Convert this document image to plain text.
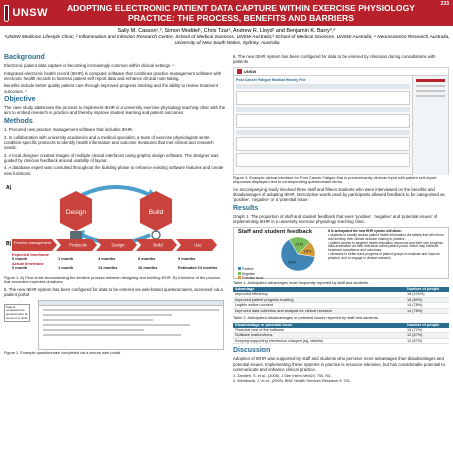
UNSW	ADOPTING ELECTRONIC PATIENT DATA CAPTURE WITHIN EXERCISE PHYSIOLOGY PRACTICE: THE PROCESS, BENEFITS AND BARRIERS
233
Sally M. Casson¹,³, Simon Moddel¹, Chris Tzar¹, Andrew R. Lloyd¹ and Benjamin K. Barry³,⁴
¹UNSW Medicine Lifestyle Clinic; ² Inflammation and Infection Research Centre, School of Medical Sciences, UNSW Australia;³ School of Medical Sciences, UNSW Australia; ⁴ Neuroscience Research Australia, University of New South Wales, Sydney, Australia
Background

Electronic patient data capture is becoming increasingly common within clinical settings. ¹

Integrated electronic health record (IEHR) is computer software that combines practice management software with electronic health records to harness patient self report data and enhance clinical note taking.

Benefits include better quality patient care through improved progress tracking and the ability to review treatment outcomes. ²

Objective

The case study addresses the process to implement IEHR in a university exercise physiology teaching clinic with the aim to embed research in practice and thereby improve student learning and patient outcomes.

Methods

1. Procured new practice management software that includes IEHR.

2. In collaboration with university academics and a medical specialist, a team of exercise physiologists wrote condition-specific protocols to identify health information and outcome measures that met clinical and research needs.

3. A local designer created images of multiple clinical interfaces using graphic design software. The designer was guided by clinician feedback around usability of layout.

4. A database expert was consulted throughout the building phase to enhance existing software features and create new functions.

A)
Design	Build
B) Practice management	Protocols	Design	Build	Use
Expected timeframe
0 month	1 month	4 months	6 months	9 months
Actual timeframe
0 month	1 month	13 months	16 months	Estimated 24 months
Figure 1. A) Flow chart demonstrating the iterative process between designing and building IEHR. B) A timeline of the process that exceeded expected durations.

5. The new IEHR system has been configured for data to be entered via web-based questionnaires, accessed via a patient portal

Patient completes the questionnaire at home or in clinic
Figure 2. Example questionnaire completed via a secure web portal.

6. The new IEHR system has been configured for data to be entered by clinicians during consultations with patients

UNSW
Post Cancer Fatigue Medical History File
Figure 3. Example clinical interface for Post Cancer Fatigue that is predominantly clinician input with patient self-report responses displayed next to corresponding questionnaire items.

An accompanying study involved three staff and fifteen students who were interviewed on the benefits and disadvantages of adopting IEHR. Descriptive words used by participants allowed feedback to be categorised as 'positive', 'negative' or a 'potential issue'.

Results

Graph 1. The proportion of staff and student feedback that were 'positive', 'negative' and 'potential issues' of implementing IEHR in a university exercise physiology teaching clinic.

Staff and student feedback
64%
21%
15%
Positive
Negative
Potential issue
It is anticipated the new EHR system will allow:
• students to readily access patient health information via tablets that will inform and develop their clinical decision making in practice.
• patient access to targeted health education resources and their own progress data accessible via their individual online patient portal, which may enhance treatment compliance and outcomes.
• clinicians to better track progress of patient groups to evaluate and improve practice, and to engage in clinical research.
Table 1. Anticipated advantages most frequently reported by staff and students.
Advantage	Number of people
Improved efficiency	18 (100%)
Improved patient progress tracking	16 (89%)
Legible written content	14 (78%)
Improved data collection and analysis for clinical research	14 (78%)
Table 2. Anticipated disadvantages or potential issues reported by staff and students.
Disadvantage or potential issue	Number of people
Financial cost of the software	13 (72%)
Software malfunctions	12 (67%)
Keeping supporting electronics charged (eg. tablets)	12 (67%)
Discussion

Adoption of IEHR was supported by staff and students who perceive more advantages than disadvantages and potential issues. Implementing these systems in practice is resource intensive, but has considerable potential to communicate and enhance clinical practice.

1. Zandieh, S. et al., (2008). J Gen Intern Med23: 755-761.
2. Westbrook, J. et al., (2009). BMC Health Services Research 9: 201.
